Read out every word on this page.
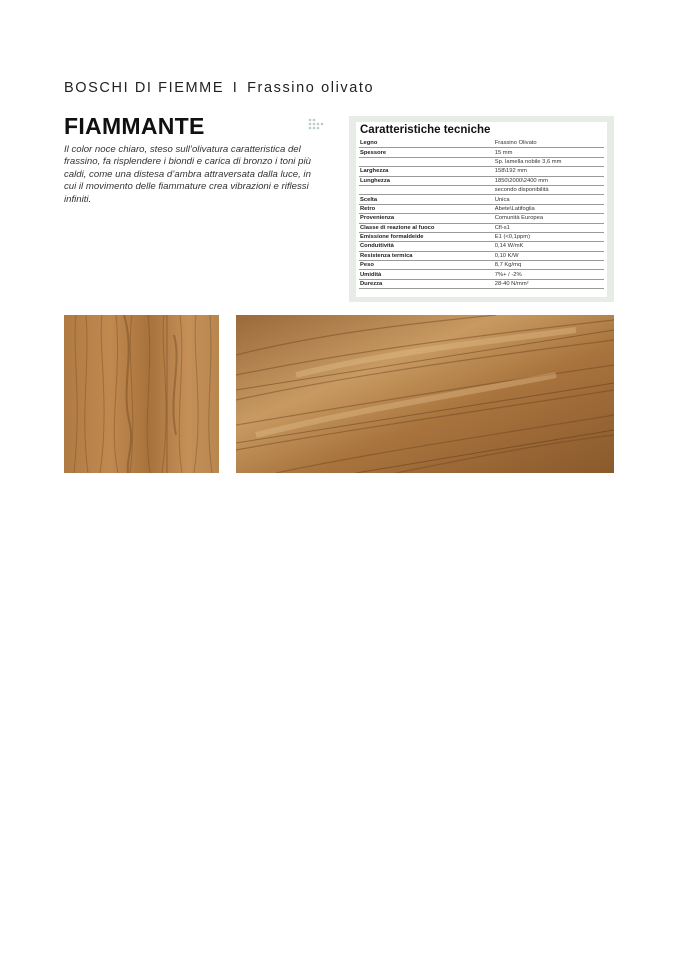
BOSCHI DI FIEMME I Frassino olivato
FIAMMANTE
Il color noce chiaro, steso sull’olivatura caratteristica del frassino, fa risplendere i biondi e carica di bronzo i toni più caldi, come una distesa d’ambra attraversata dalla luce, in cui il movimento delle fiammature crea vibrazioni e riflessi infiniti.
Caratteristiche tecniche
Legno	Frassino Olivato
Spessore	15 mm
	Sp. lamella nobile 3,6 mm
Larghezza	158\192 mm
Lunghezza	1850\2000\2400 mm
	secondo disponibilità
Scelta	Unica
Retro	Abete\Latifoglia
Provenienza	Comunità Europea
Classe di reazione al fuoco	Cfl-s1
Emissione formaldeide	E1 (<0,1ppm)
Conduttività	0,14 W/mK
Resistenza termica	0,10 K/W
Peso	8,7 Kg/mq
Umidità	7%+ / -2%
Durezza	28-40 N/mm²
